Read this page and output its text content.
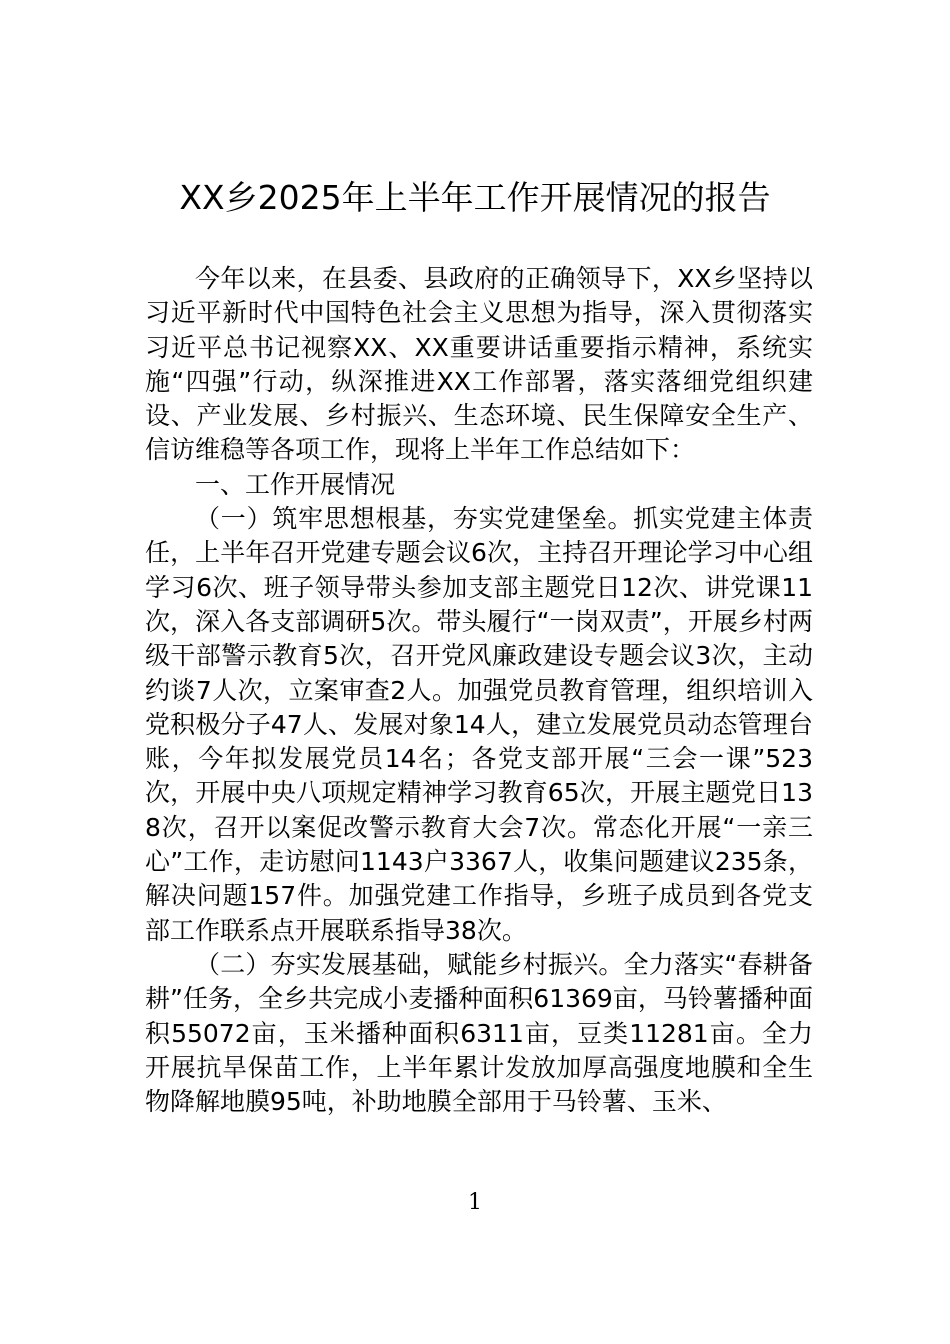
XX乡2025年上半年工作开展情况的报告

今年以来，在县委、县政府的正确领导下，XX乡坚持以习近平新时代中国特色社会主义思想为指导，深入贯彻落实习近平总书记视察XX、XX重要讲话重要指示精神，系统实施“四强”行动，纵深推进XX工作部署，落实落细党组织建设、产业发展、乡村振兴、生态环境、民生保障安全生产、信访维稳等各项工作，现将上半年工作总结如下：

一、工作开展情况

（一）筑牢思想根基，夯实党建堡垒。抓实党建主体责任，上半年召开党建专题会议6次，主持召开理论学习中心组学习6次、班子领导带头参加支部主题党日12次、讲党课11次，深入各支部调研5次。带头履行“一岗双责”，开展乡村两级干部警示教育5次，召开党风廉政建设专题会议3次，主动约谈7人次，立案审查2人。加强党员教育管理，组织培训入党积极分子47人、发展对象14人，建立发展党员动态管理台账，今年拟发展党员14名；各党支部开展“三会一课”523次，开展中央八项规定精神学习教育65次，开展主题党日138次，召开以案促改警示教育大会7次。常态化开展“一亲三心”工作，走访慰问1143户3367人，收集问题建议235条，解决问题157件。加强党建工作指导，乡班子成员到各党支部工作联系点开展联系指导38次。

（二）夯实发展基础，赋能乡村振兴。全力落实“春耕备耕”任务，全乡共完成小麦播种面积61369亩，马铃薯播种面积55072亩，玉米播种面积6311亩，豆类11281亩。全力开展抗旱保苗工作，上半年累计发放加厚高强度地膜和全生物降解地膜95吨，补助地膜全部用于马铃薯、玉米、

1
